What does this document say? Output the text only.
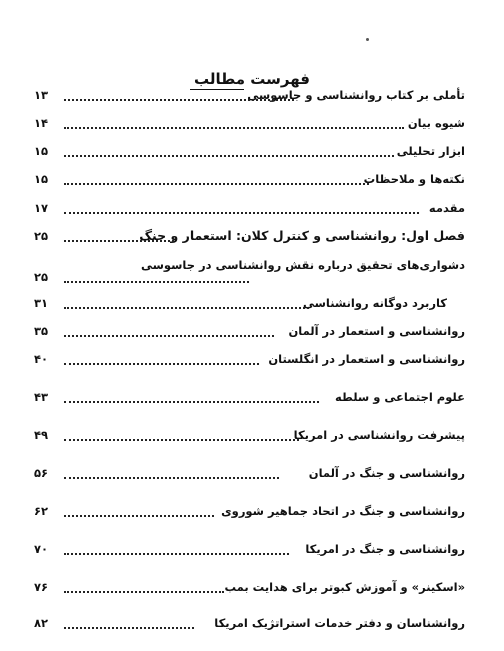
فهرست مطالب
تأملی بر کتاب روانشناسی و جاسوسی
۱۳
شیوه بیان
۱۴
ابزار تحلیلی
۱۵
نکته‌ها و ملاحظات
۱۵
مقدمه
۱۷
فصل اول: روانشناسی و کنترل کلان: استعمار و جنگ
۲۵
دشواری‌های تحقیق درباره نقش روانشناسی در جاسوسی
۲۵
کاربرد دوگانه روانشناسی
۳۱
روانشناسی و استعمار در آلمان
۳۵
روانشناسی و استعمار در انگلستان
۴۰
علوم اجتماعی و سلطه
۴۳
پیشرفت روانشناسی در امریکا
۴۹
روانشناسی و جنگ در آلمان
۵۶
روانشناسی و جنگ در اتحاد جماهیر شوروی
۶۲
روانشناسی و جنگ در امریکا
۷۰
«اسکینر» و آموزش کبوتر برای هدایت بمب
۷۶
روانشناسان و دفتر خدمات استراتژیک امریکا
۸۲
